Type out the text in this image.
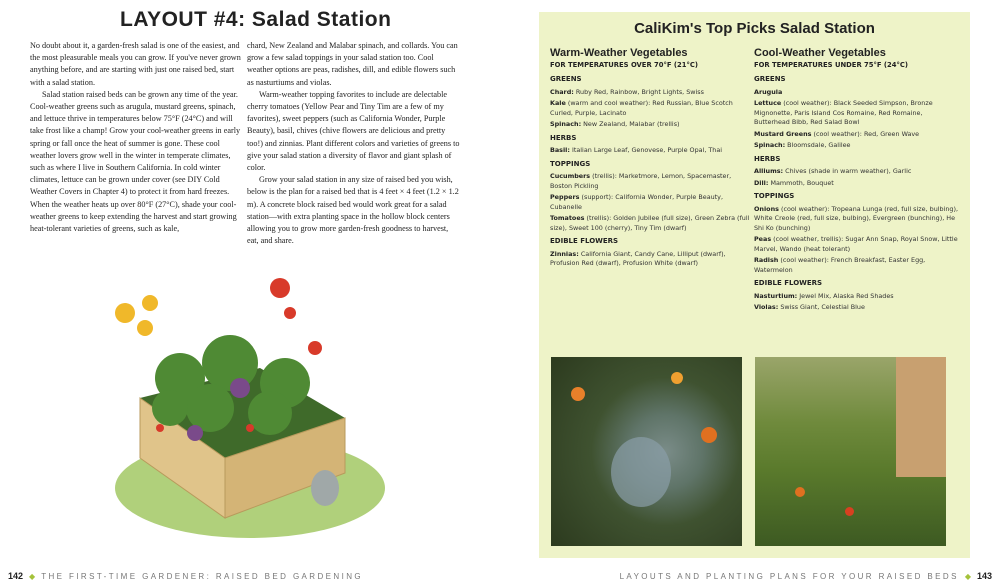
LAYOUT #4: Salad Station

No doubt about it, a garden-fresh salad is one of the easiest, and the most pleasurable meals you can grow. If you've never grown anything before, and are starting with just one raised bed, start with a salad station.

Salad station raised beds can be grown any time of the year. Cool-weather greens such as arugula, mustard greens, spinach, and lettuce thrive in temperatures below 75°F (24°C) and will take frost like a champ! Grow your cool-weather greens in early spring or fall once the heat of summer is gone. These cool weather lovers grow well in the winter in temperate climates, such as where I live in Southern California. In cold winter climates, lettuce can be grown under cover (see DIY Cold Weather Covers in Chapter 4) to protect it from hard freezes. When the weather heats up over 80°F (27°C), shade your cool-weather greens to keep extending the harvest and start growing heat-tolerant varieties of greens, such as kale,

chard, New Zealand and Malabar spinach, and collards. You can grow a few salad toppings in your salad station too. Cool weather options are peas, radishes, dill, and edible flowers such as nasturtiums and violas.

Warm-weather topping favorites to include are delectable cherry tomatoes (Yellow Pear and Tiny Tim are a few of my favorites), sweet peppers (such as California Wonder, Purple Beauty), basil, chives (chive flowers are delicious and pretty too!) and zinnias. Plant different colors and varieties of greens to give your salad station a diversity of flavor and giant splash of color.

Grow your salad station in any size of raised bed you wish, below is the plan for a raised bed that is 4 feet × 4 feet (1.2 × 1.2 m). A concrete block raised bed would work great for a salad station—with extra planting space in the hollow block centers allowing you to grow more garden-fresh goodness to harvest, eat, and share.

CaliKim's Top Picks Salad Station
Warm-Weather Vegetables
FOR TEMPERATURES OVER 70°F (21°C)
GREENS
Chard: Ruby Red, Rainbow, Bright Lights, Swiss
Kale (warm and cool weather): Red Russian, Blue Scotch Curled, Purple, Lacinato
Spinach: New Zealand, Malabar (trellis)
HERBS
Basil: Italian Large Leaf, Genovese, Purple Opal, Thai
TOPPINGS
Cucumbers (trellis): Marketmore, Lemon, Spacemaster, Boston Pickling
Peppers (support): California Wonder, Purple Beauty, Cubanelle
Tomatoes (trellis): Golden Jubilee (full size), Green Zebra (full size), Sweet 100 (cherry), Tiny Tim (dwarf)
EDIBLE FLOWERS
Zinnias: California Giant, Candy Cane, Lilliput (dwarf), Profusion Red (dwarf), Profusion White (dwarf)
Cool-Weather Vegetables
FOR TEMPERATURES UNDER 75°F (24°C)
GREENS
Arugula
Lettuce (cool weather): Black Seeded Simpson, Bronze Mignonette, Paris Island Cos Romaine, Red Romaine, Butterhead Bibb, Red Salad Bowl
Mustard Greens (cool weather): Red, Green Wave
Spinach: Bloomsdale, Galilee
HERBS
Alliums: Chives (shade in warm weather), Garlic
Dill: Mammoth, Bouquet
TOPPINGS
Onions (cool weather): Tropeana Lunga (red, full size, bulbing), White Creole (red, full size, bulbing), Evergreen (bunching), He Shi Ko (bunching)
Peas (cool weather, trellis): Sugar Ann Snap, Royal Snow, Little Marvel, Wando (heat tolerant)
Radish (cool weather): French Breakfast, Easter Egg, Watermelon
EDIBLE FLOWERS
Nasturtium: Jewel Mix, Alaska Red Shades
Violas: Swiss Giant, Celestial Blue
142 ◆ THE FIRST-TIME GARDENER: RAISED BED GARDENING	LAYOUTS AND PLANTING PLANS FOR YOUR RAISED BEDS ◆ 143
